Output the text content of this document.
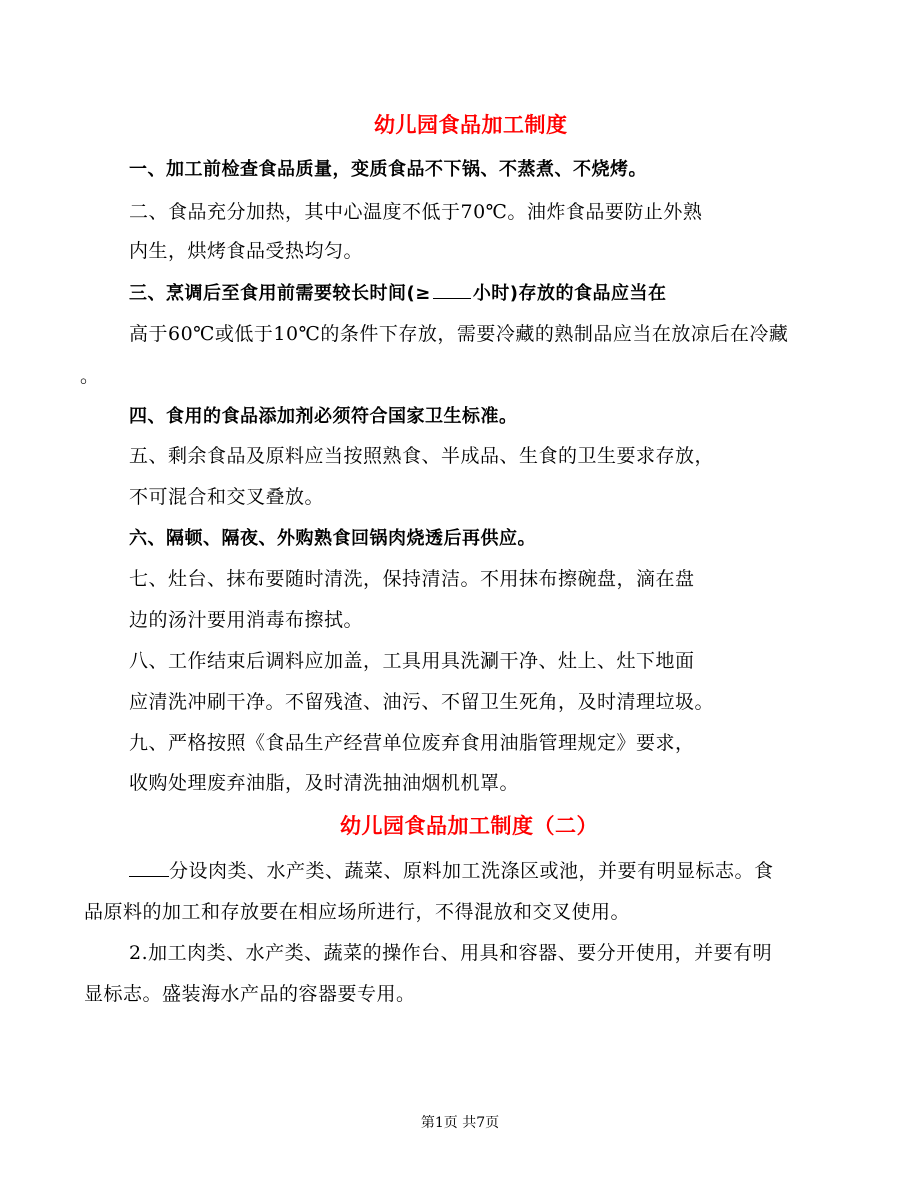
幼儿园食品加工制度
一、加工前检查食品质量，变质食品不下锅、不蒸煮、不烧烤。
二、食品充分加热，其中心温度不低于70℃。油炸食品要防止外熟
内生，烘烤食品受热均匀。
三、烹调后至食用前需要较长时间(≥ 小时)存放的食品应当在
高于60℃或低于10℃的条件下存放，需要冷藏的熟制品应当在放凉后在冷藏
。
四、食用的食品添加剂必须符合国家卫生标准。
五、剩余食品及原料应当按照熟食、半成品、生食的卫生要求存放，
不可混合和交叉叠放。
六、隔顿、隔夜、外购熟食回锅肉烧透后再供应。
七、灶台、抹布要随时清洗，保持清洁。不用抹布擦碗盘，滴在盘
边的汤汁要用消毒布擦拭。
八、工作结束后调料应加盖，工具用具洗涮干净、灶上、灶下地面
应清洗冲刷干净。不留残渣、油污、不留卫生死角，及时清理垃圾。
九、严格按照《食品生产经营单位废弃食用油脂管理规定》要求，
收购处理废弃油脂，及时清洗抽油烟机机罩。
幼儿园食品加工制度（二）
分设肉类、水产类、蔬菜、原料加工洗涤区或池，并要有明显标志。食
品原料的加工和存放要在相应场所进行，不得混放和交叉使用。
2.加工肉类、水产类、蔬菜的操作台、用具和容器、要分开使用，并要有明
显标志。盛装海水产品的容器要专用。
第1页 共7页
